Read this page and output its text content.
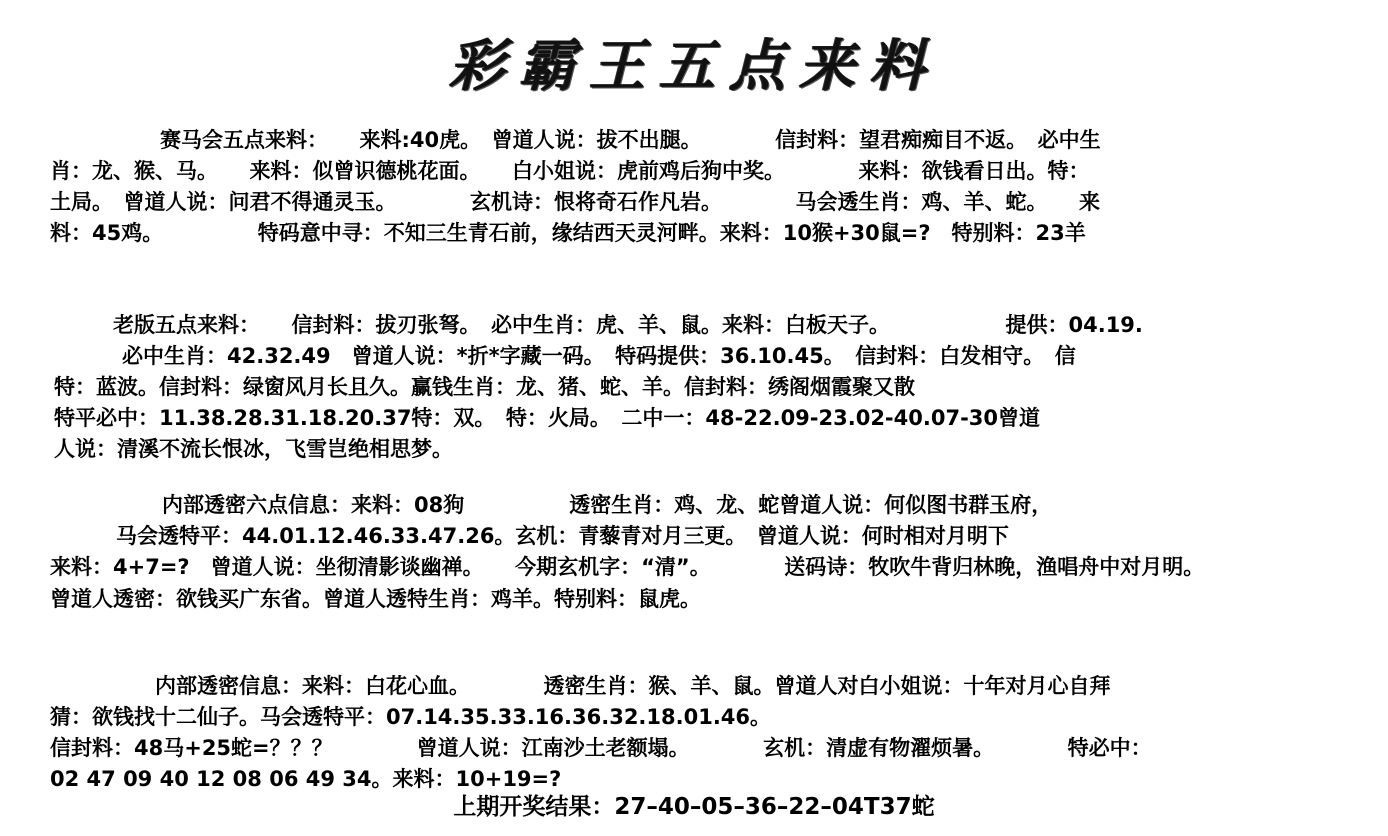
彩霸王五点来料
赛马会五点来料：　　来料:40虎。　曾道人说：拔不出腿。　　　　信封料：望君痴痴目不返。　必中生
肖：龙、猴、马。　　来料：似曾识德桃花面。　　白小姐说：虎前鸡后狗中奖。　　　　来料：欲钱看日出。特：
土局。　曾道人说：问君不得通灵玉。　　　　玄机诗：恨将奇石作凡岩。　　　　马会透生肖：鸡、羊、蛇。　　来
料：45鸡。　　　　　特码意中寻：不知三生青石前，缘结西天灵河畔。来料：10猴+30鼠=?　特别料：23羊
老版五点来料：　　信封料：拔刃张弩。　必中生肖：虎、羊、鼠。来料：白板天子。　　　　　　提供：04.19.
必中生肖：42.32.49　曾道人说：*折*字藏一码。　特码提供：36.10.45。　信封料：白发相守。　信
特：蓝波。信封料：绿窗风月长且久。赢钱生肖：龙、猪、蛇、羊。信封料：绣阁烟霞聚又散
特平必中：11.38.28.31.18.20.37特：双。　特：火局。　二中一：48-22.09-23.02-40.07-30曾道
人说：清溪不流长恨冰，飞雪岂绝相思梦。
内部透密六点信息：来料：08狗　　　　　透密生肖：鸡、龙、蛇曾道人说：何似图书群玉府，
马会透特平：44.01.12.46.33.47.26。玄机：青藜青对月三更。　曾道人说：何时相对月明下
来料：4+7=?　曾道人说：坐彻清影谈幽禅。　　今期玄机字：“清”。　　　　送码诗：牧吹牛背归林晚，渔唱舟中对月明。
曾道人透密：欲钱买广东省。曾道人透特生肖：鸡羊。特别料：鼠虎。
内部透密信息：来料：白花心血。　　　　透密生肖：猴、羊、鼠。曾道人对白小姐说：十年对月心自拜
猜：欲钱找十二仙子。马会透特平：07.14.35.33.16.36.32.18.01.46。
信封料：48马+25蛇=？？？　　　　曾道人说：江南沙土老额塌。　　　　玄机：清虚有物濯烦暑。　　　　特必中：
02 47 09 40 12 08 06 49 34。来料：10+19=?
上期开奖结果：27–40–05–36–22–04T37蛇
